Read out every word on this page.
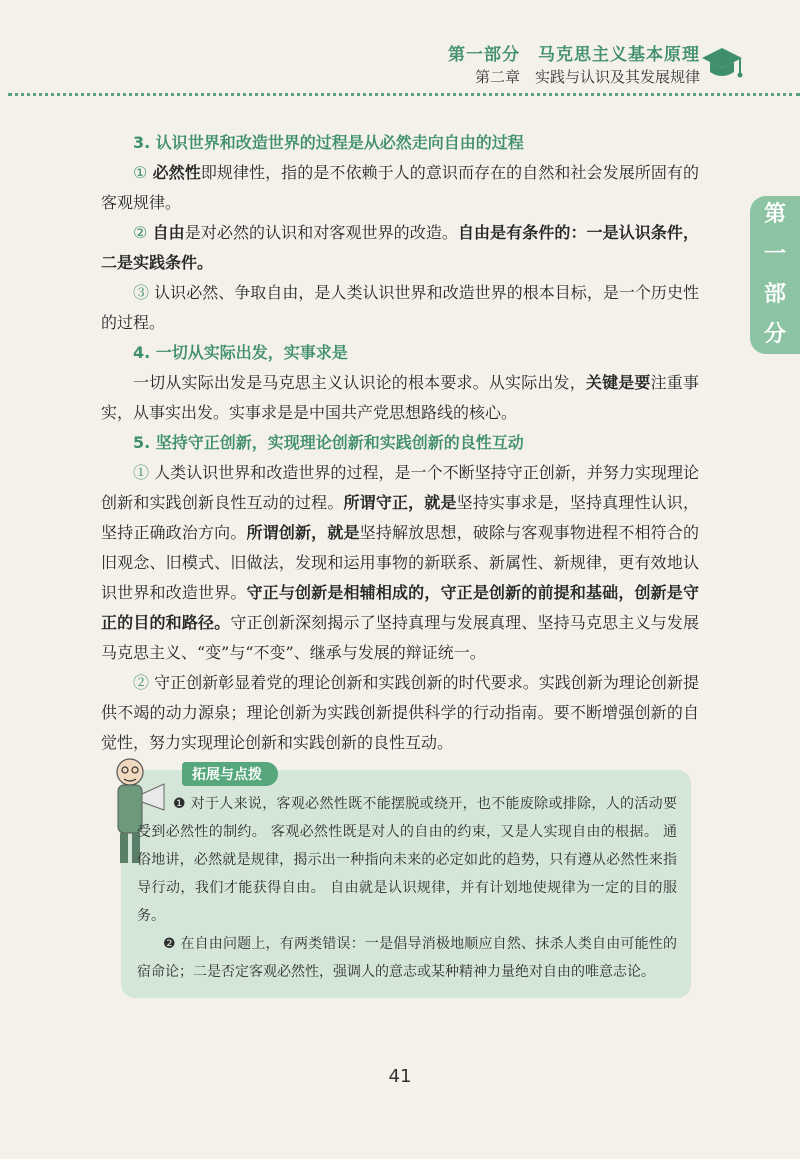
第一部分　马克思主义基本原理
第二章　实践与认识及其发展规律
第
一
部
分

3. 认识世界和改造世界的过程是从必然走向自由的过程

① 必然性即规律性，指的是不依赖于人的意识而存在的自然和社会发展所固有的客观规律。

② 自由是对必然的认识和对客观世界的改造。自由是有条件的：一是认识条件，二是实践条件。

③ 认识必然、争取自由，是人类认识世界和改造世界的根本目标，是一个历史性的过程。

4. 一切从实际出发，实事求是

一切从实际出发是马克思主义认识论的根本要求。从实际出发，关键是要注重事实，从事实出发。实事求是是中国共产党思想路线的核心。

5. 坚持守正创新，实现理论创新和实践创新的良性互动

① 人类认识世界和改造世界的过程，是一个不断坚持守正创新，并努力实现理论创新和实践创新良性互动的过程。所谓守正，就是坚持实事求是，坚持真理性认识，坚持正确政治方向。所谓创新，就是坚持解放思想，破除与客观事物进程不相符合的旧观念、旧模式、旧做法，发现和运用事物的新联系、新属性、新规律，更有效地认识世界和改造世界。守正与创新是相辅相成的，守正是创新的前提和基础，创新是守正的目的和路径。守正创新深刻揭示了坚持真理与发展真理、坚持马克思主义与发展马克思主义、“变”与“不变”、继承与发展的辩证统一。

② 守正创新彰显着党的理论创新和实践创新的时代要求。实践创新为理论创新提供不竭的动力源泉；理论创新为实践创新提供科学的行动指南。要不断增强创新的自觉性，努力实现理论创新和实践创新的良性互动。

拓展与点拨

❶ 对于人来说，客观必然性既不能摆脱或绕开，也不能废除或排除，人的活动要受到必然性的制约。 客观必然性既是对人的自由的约束，又是人实现自由的根据。 通俗地讲，必然就是规律，揭示出一种指向未来的必定如此的趋势，只有遵从必然性来指导行动，我们才能获得自由。 自由就是认识规律，并有计划地使规律为一定的目的服务。

❷ 在自由问题上，有两类错误：一是倡导消极地顺应自然、抹杀人类自由可能性的宿命论；二是否定客观必然性，强调人的意志或某种精神力量绝对自由的唯意志论。

41
